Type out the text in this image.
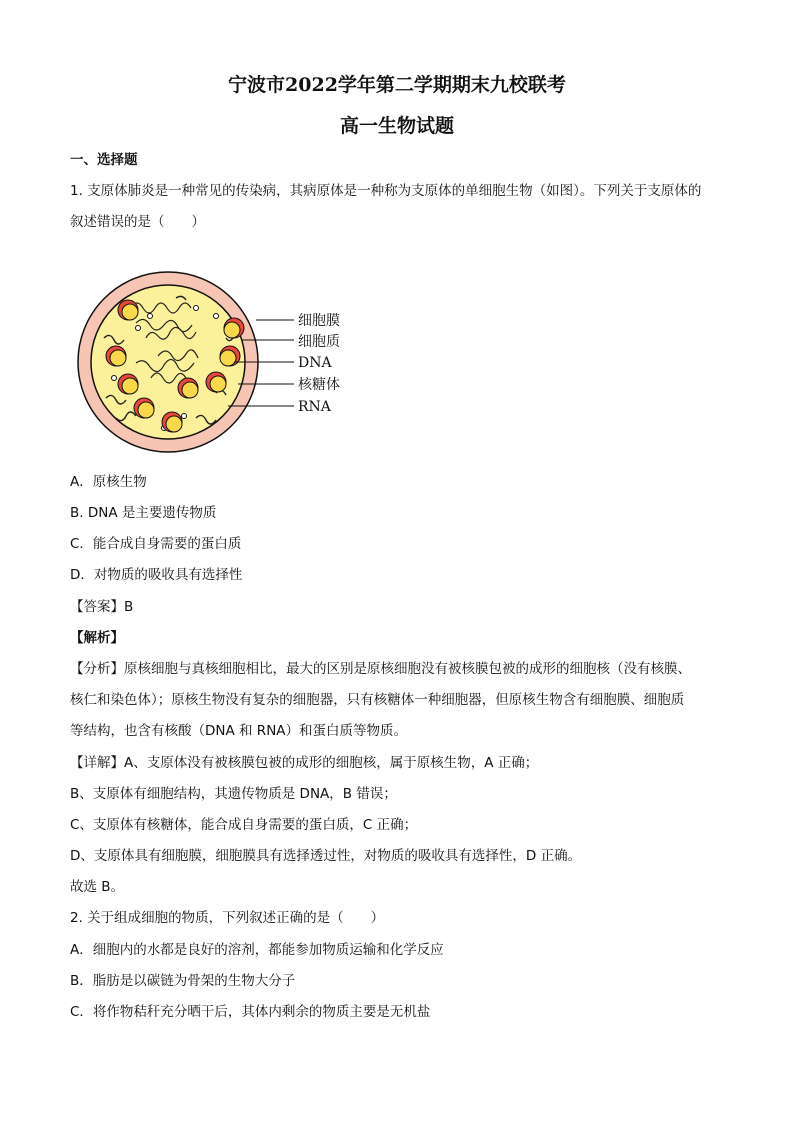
宁波市2022学年第二学期期末九校联考
高一生物试题

一、选择题

1. 支原体肺炎是一种常见的传染病，其病原体是一种称为支原体的单细胞生物（如图）。下列关于支原体的

叙述错误的是（　　）

细胞膜
细胞质
DNA
核糖体
RNA

A．原核生物

B. DNA 是主要遗传物质

C．能合成自身需要的蛋白质

D．对物质的吸收具有选择性

【答案】B

【解析】

【分析】原核细胞与真核细胞相比，最大的区别是原核细胞没有被核膜包被的成形的细胞核（没有核膜、

核仁和染色体）；原核生物没有复杂的细胞器，只有核糖体一种细胞器，但原核生物含有细胞膜、细胞质

等结构，也含有核酸（DNA 和 RNA）和蛋白质等物质。

【详解】A、支原体没有被核膜包被的成形的细胞核，属于原核生物，A 正确；

B、支原体有细胞结构，其遗传物质是 DNA，B 错误；

C、支原体有核糖体，能合成自身需要的蛋白质，C 正确；

D、支原体具有细胞膜，细胞膜具有选择透过性，对物质的吸收具有选择性，D 正确。

故选 B。

2. 关于组成细胞的物质，下列叙述正确的是（　　）

A．细胞内的水都是良好的溶剂，都能参加物质运输和化学反应

B．脂肪是以碳链为骨架的生物大分子

C．将作物秸秆充分晒干后，其体内剩余的物质主要是无机盐
